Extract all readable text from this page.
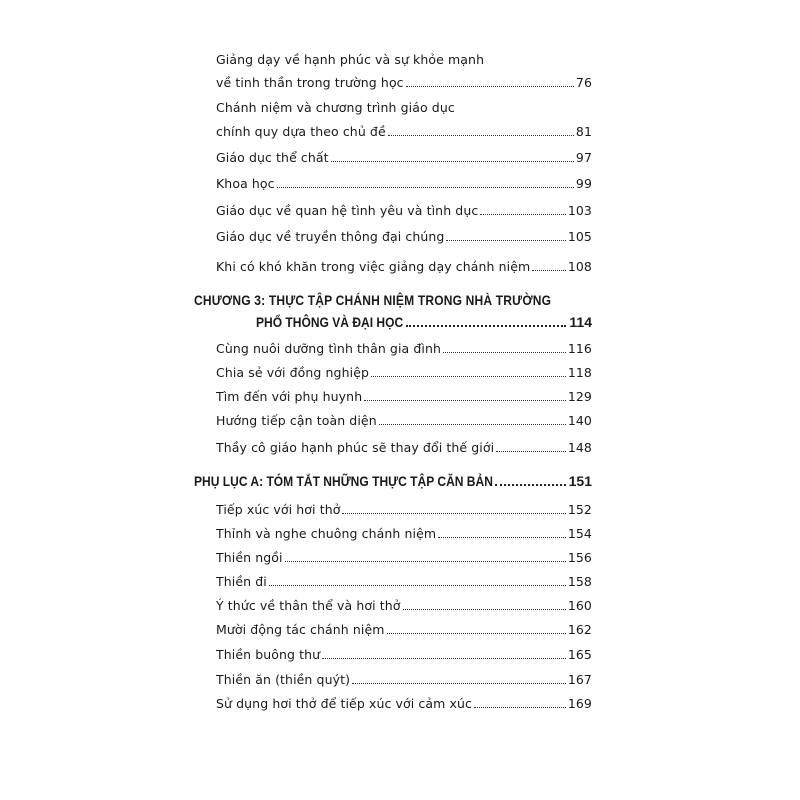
Giảng dạy về hạnh phúc và sự khỏe mạnh
về tinh thần trong trường học	76
Chánh niệm và chương trình giáo dục
chính quy dựa theo chủ đề	81
Giáo dục thể chất	97
Khoa học	99
Giáo dục về quan hệ tình yêu và tình dục	103
Giáo dục về truyền thông đại chúng	105
Khi có khó khăn trong việc giảng dạy chánh niệm	108
CHƯƠNG 3: THỰC TẬP CHÁNH NIỆM TRONG NHÀ TRƯỜNG
PHỔ THÔNG VÀ ĐẠI HỌC	114
Cùng nuôi dưỡng tình thân gia đình	116
Chia sẻ với đồng nghiệp	118
Tìm đến với phụ huynh	129
Hướng tiếp cận toàn diện	140
Thầy cô giáo hạnh phúc sẽ thay đổi thế giới	148
PHỤ LỤC A: TÓM TẮT NHỮNG THỰC TẬP CĂN BẢN	151
Tiếp xúc với hơi thở	152
Thỉnh và nghe chuông chánh niệm	154
Thiền ngồi	156
Thiền đi	158
Ý thức về thân thể và hơi thở	160
Mười động tác chánh niệm	162
Thiền buông thư	165
Thiền ăn (thiền quýt)	167
Sử dụng hơi thở để tiếp xúc với cảm xúc	169
